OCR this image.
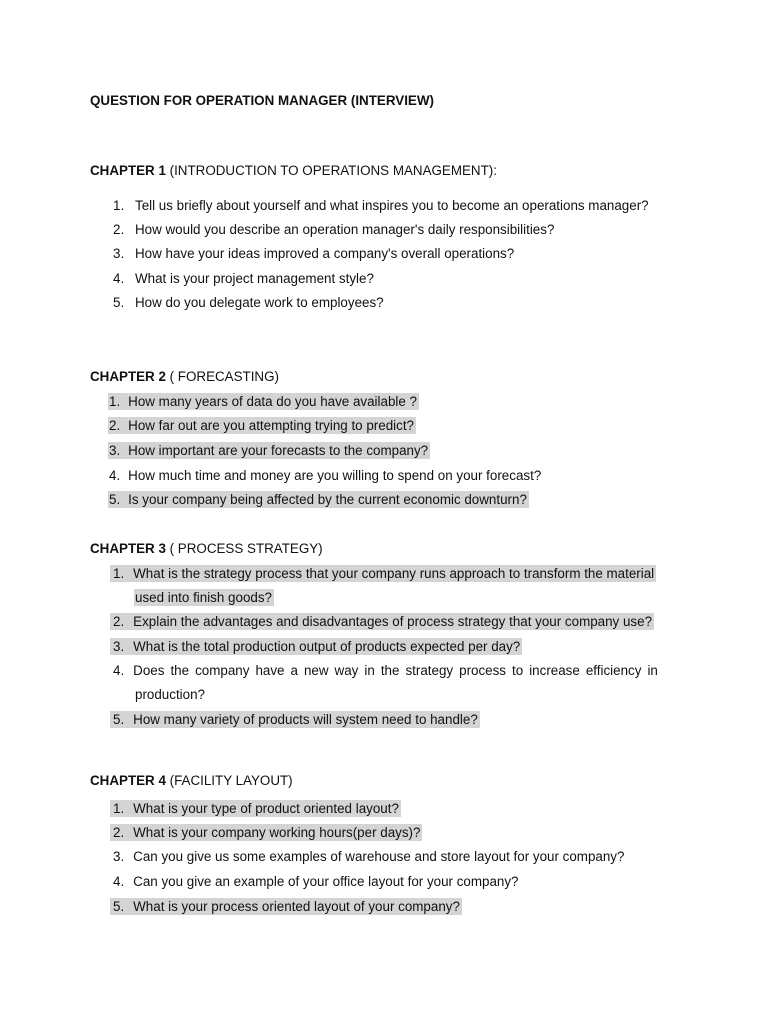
QUESTION FOR OPERATION MANAGER (INTERVIEW)
CHAPTER 1 (INTRODUCTION TO OPERATIONS MANAGEMENT):
1. Tell us briefly about yourself and what inspires you to become an operations manager?
2. How would you describe an operation manager's daily responsibilities?
3. How have your ideas improved a company's overall operations?
4. What is your project management style?
5. How do you delegate work to employees?
CHAPTER 2 ( FORECASTING)
1. How many years of data do you have available ?
2. How far out are you attempting trying to predict?
3. How important are your forecasts to the company?
4. How much time and money are you willing to spend on your forecast?
5. Is your company being affected by the current economic downturn?
CHAPTER 3 ( PROCESS STRATEGY)
1. What is the strategy process that your company runs approach to transform the material
used into finish goods?
2. Explain the advantages and disadvantages of process strategy that your company use?
3. What is the total production output of products expected per day?
4. Does the company have a new way in the strategy process to increase efficiency in
production?
5. How many variety of products will system need to handle?
CHAPTER 4 (FACILITY LAYOUT)
1. What is your type of product oriented layout?
2. What is your company working hours(per days)?
3. Can you give us some examples of warehouse and store layout for your company?
4. Can you give an example of your office layout for your company?
5. What is your process oriented layout of your company?
